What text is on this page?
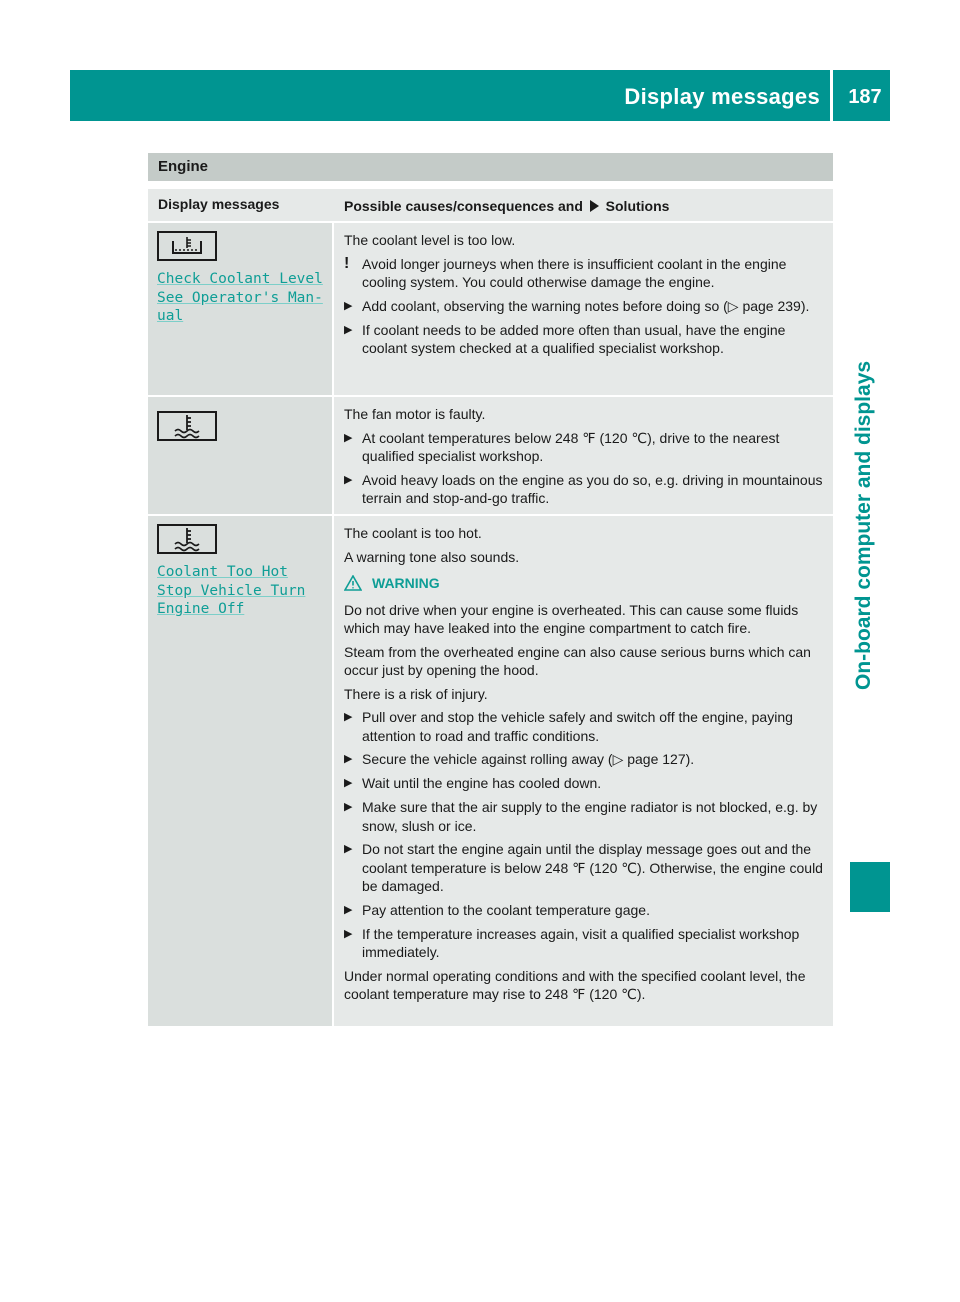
Display messages	187
On-board computer and displays
Engine
Display messages	Possible causes/consequences and Solutions
Check Coolant Level
See Operator's Man-
ual

The coolant level is too low.

! Avoid longer journeys when there is insufficient coolant in the engine cooling system. You could otherwise damage the engine.
▶ Add coolant, observing the warning notes before doing so (▷ page 239).
▶ If coolant needs to be added more often than usual, have the engine coolant system checked at a qualified specialist workshop.

The fan motor is faulty.

▶ At coolant temperatures below 248 ℉ (120 ℃), drive to the nearest qualified specialist workshop.
▶ Avoid heavy loads on the engine as you do so, e.g. driving in mountainous terrain and stop-and-go traffic.
Coolant Too Hot
Stop Vehicle Turn
Engine Off

The coolant is too hot.

A warning tone also sounds.

WARNING

Do not drive when your engine is overheated. This can cause some fluids which may have leaked into the engine compartment to catch fire.

Steam from the overheated engine can also cause serious burns which can occur just by opening the hood.

There is a risk of injury.

▶ Pull over and stop the vehicle safely and switch off the engine, paying attention to road and traffic conditions.
▶ Secure the vehicle against rolling away (▷ page 127).
▶ Wait until the engine has cooled down.
▶ Make sure that the air supply to the engine radiator is not blocked, e.g. by snow, slush or ice.
▶ Do not start the engine again until the display message goes out and the coolant temperature is below 248 ℉ (120 ℃). Otherwise, the engine could be damaged.
▶ Pay attention to the coolant temperature gage.
▶ If the temperature increases again, visit a qualified specialist workshop immediately.

Under normal operating conditions and with the specified coolant level, the coolant temperature may rise to 248 ℉ (120 ℃).
